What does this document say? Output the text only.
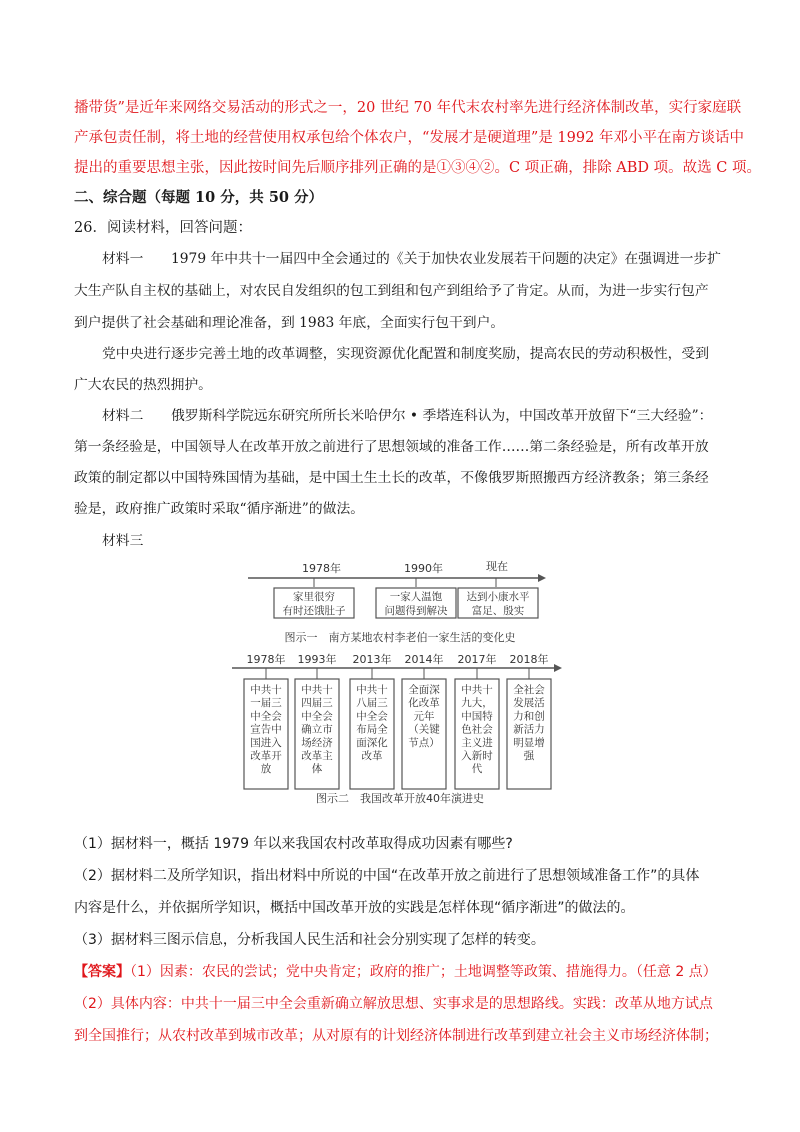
播带货”是近年来网络交易活动的形式之一，20 世纪 70 年代末农村率先进行经济体制改革，实行家庭联
产承包责任制，将土地的经营使用权承包给个体农户，“发展才是硬道理”是 1992 年邓小平在南方谈话中
提出的重要思想主张，因此按时间先后顺序排列正确的是①③④②。C 项正确，排除 ABD 项。故选 C 项。
二、综合题（每题 10 分，共 50 分）
26．阅读材料，回答问题：
材料一　　1979 年中共十一届四中全会通过的《关于加快农业发展若干问题的决定》在强调进一步扩
大生产队自主权的基础上，对农民自发组织的包工到组和包产到组给予了肯定。从而，为进一步实行包产
到户提供了社会基础和理论准备，到 1983 年底，全面实行包干到户。
党中央进行逐步完善土地的改革调整，实现资源优化配置和制度奖励，提高农民的劳动积极性，受到
广大农民的热烈拥护。
材料二　　俄罗斯科学院远东研究所所长米哈伊尔 • 季塔连科认为，中国改革开放留下“三大经验”：
第一条经验是，中国领导人在改革开放之前进行了思想领域的准备工作……第二条经验是，所有改革开放
政策的制定都以中国特殊国情为基础，是中国土生土长的改革，不像俄罗斯照搬西方经济教条；第三条经
验是，政府推广政策时采取“循序渐进”的做法。
材料三
1978年	1990年	现在
家里很穷
有时还饿肚子
一家人温饱
问题得到解决
达到小康水平
富足、殷实
图示一　南方某地农村李老伯一家生活的变化史
1978年 1993年 2013年 2014年 2017年 2018年
中共十
一届三
中全会
宣告中
国进入
改革开
放
中共十
四届三
中全会
确立市
场经济
改革主
体
中共十
八届三
中全会
布局全
面深化
改革
全面深
化改革
元年
（关键
节点）
中共十
九大，
中国特
色社会
主义进
入新时
代
全社会
发展活
力和创
新活力
明显增
强
图示二　我国改革开放40年演进史
（1）据材料一，概括 1979 年以来我国农村改革取得成功因素有哪些?
（2）据材料二及所学知识，指出材料中所说的中国“在改革开放之前进行了思想领域准备工作”的具体
内容是什么，并依据所学知识，概括中国改革开放的实践是怎样体现“循序渐进”的做法的。
（3）据材料三图示信息，分析我国人民生活和社会分别实现了怎样的转变。
【答案】（1）因素：农民的尝试；党中央肯定；政府的推广；土地调整等政策、措施得力。（任意 2 点）
（2）具体内容：中共十一届三中全会重新确立解放思想、实事求是的思想路线。实践：改革从地方试点
到全国推行；从农村改革到城市改革；从对原有的计划经济体制进行改革到建立社会主义市场经济体制；
